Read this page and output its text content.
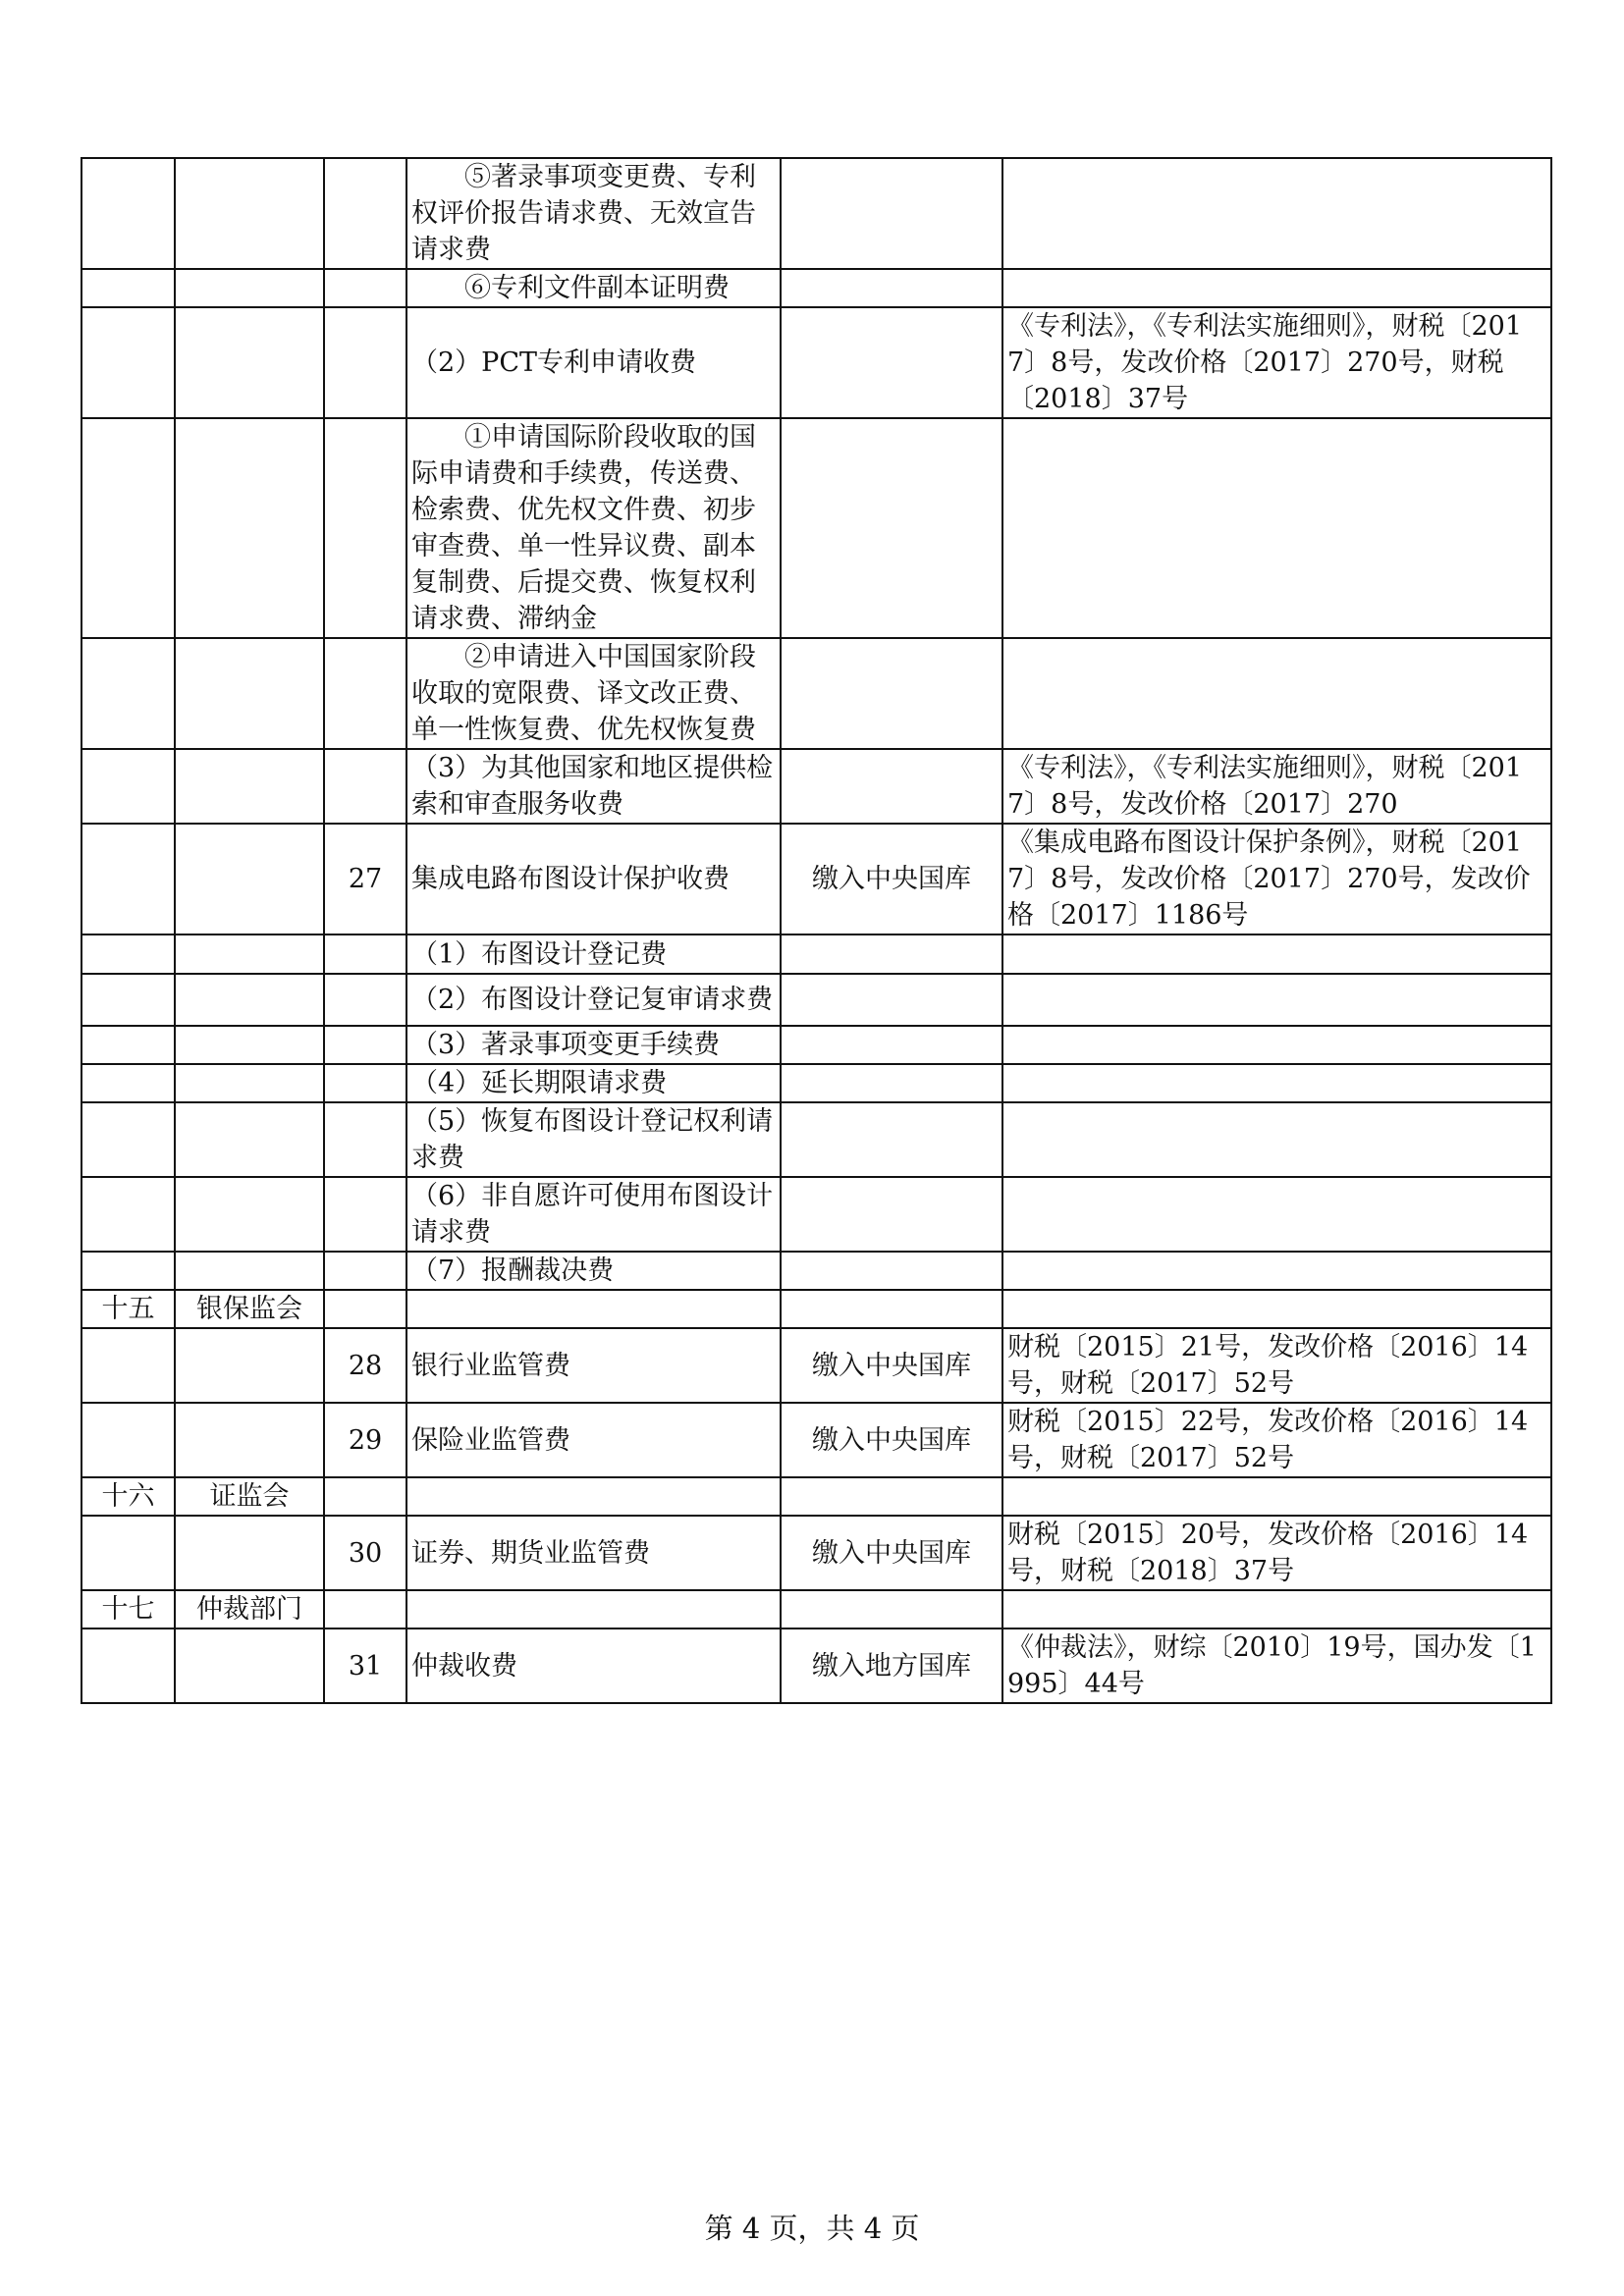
			⑤著录事项变更费、专利权评价报告请求费、无效宣告请求费		
			⑥专利文件副本证明费		
			（2）PCT专利申请收费		《专利法》，《专利法实施细则》，财税〔2017〕8号，发改价格〔2017〕270号，财税〔2018〕37号
			①申请国际阶段收取的国际申请费和手续费，传送费、检索费、优先权文件费、初步审查费、单一性异议费、副本复制费、后提交费、恢复权利请求费、滞纳金		
			②申请进入中国国家阶段收取的宽限费、译文改正费、单一性恢复费、优先权恢复费		
			（3）为其他国家和地区提供检索和审查服务收费		《专利法》，《专利法实施细则》，财税〔2017〕8号，发改价格〔2017〕270
		27	集成电路布图设计保护收费	缴入中央国库	《集成电路布图设计保护条例》，财税〔2017〕8号，发改价格〔2017〕270号，发改价格〔2017〕1186号
			（1）布图设计登记费		
			（2）布图设计登记复审请求费		
			（3）著录事项变更手续费		
			（4）延长期限请求费		
			（5）恢复布图设计登记权利请求费		
			（6）非自愿许可使用布图设计请求费		
			（7）报酬裁决费		
十五	银保监会				
		28	银行业监管费	缴入中央国库	财税〔2015〕21号，发改价格〔2016〕14号，财税〔2017〕52号
		29	保险业监管费	缴入中央国库	财税〔2015〕22号，发改价格〔2016〕14号，财税〔2017〕52号
十六	证监会				
		30	证券、期货业监管费	缴入中央国库	财税〔2015〕20号，发改价格〔2016〕14号，财税〔2018〕37号
十七	仲裁部门				
		31	仲裁收费	缴入地方国库	《仲裁法》，财综〔2010〕19号，国办发〔1995〕44号
第 4 页，共 4 页
